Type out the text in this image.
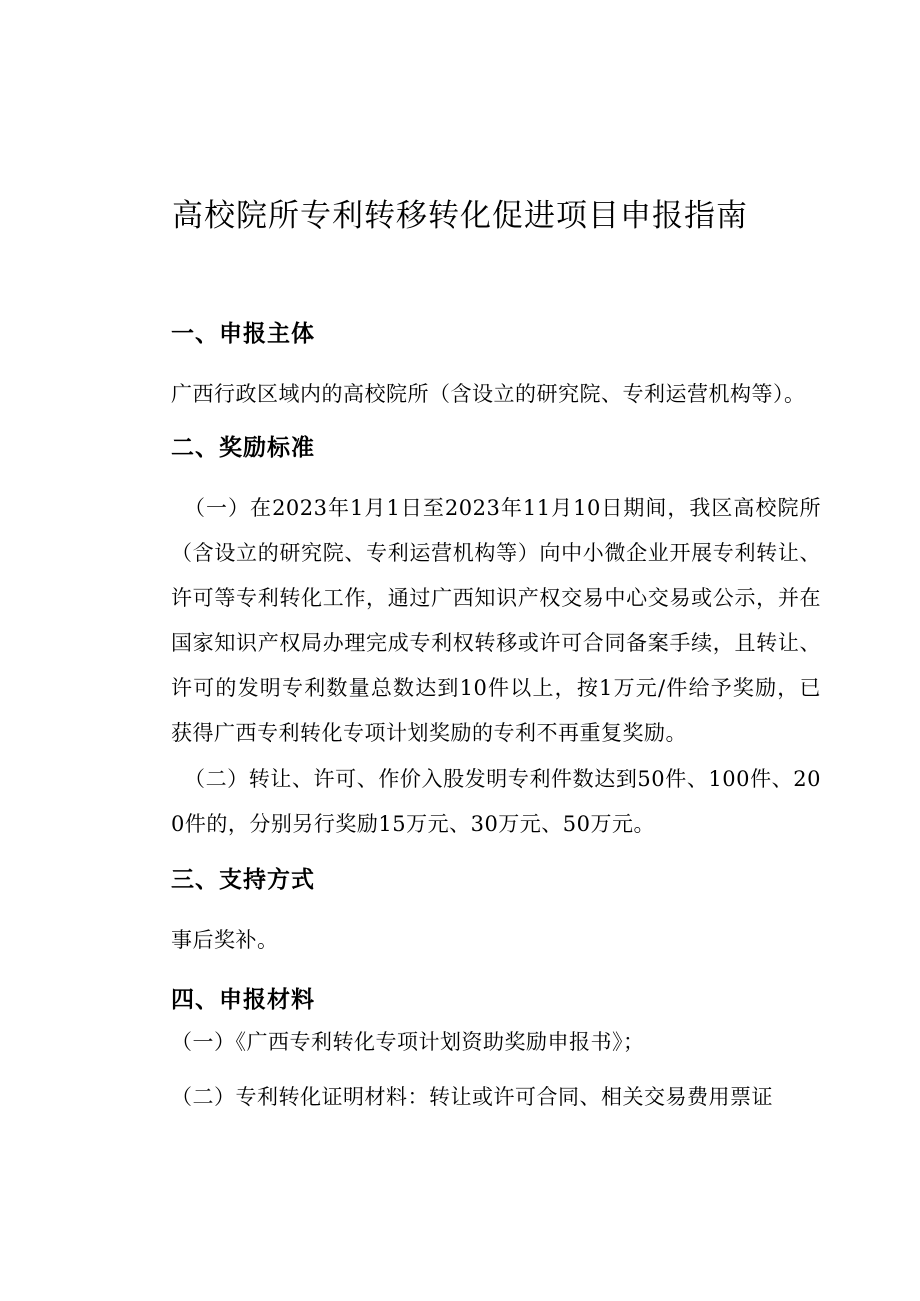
高校院所专利转移转化促进项目申报指南
一、申报主体
广西行政区域内的高校院所（含设立的研究院、专利运营机构等）。
二、奖励标准
（一）在2023年1月1日至2023年11月10日期间，我区高校院所（含设立的研究院、专利运营机构等）向中小微企业开展专利转让、许可等专利转化工作，通过广西知识产权交易中心交易或公示，并在国家知识产权局办理完成专利权转移或许可合同备案手续，且转让、许可的发明专利数量总数达到10件以上，按1万元/件给予奖励，已获得广西专利转化专项计划奖励的专利不再重复奖励。
（二）转让、许可、作价入股发明专利件数达到50件、100件、200件的，分别另行奖励15万元、30万元、50万元。
三、支持方式
事后奖补。
四、申报材料
（一）《广西专利转化专项计划资助奖励申报书》；
（二）专利转化证明材料：转让或许可合同、相关交易费用票证
